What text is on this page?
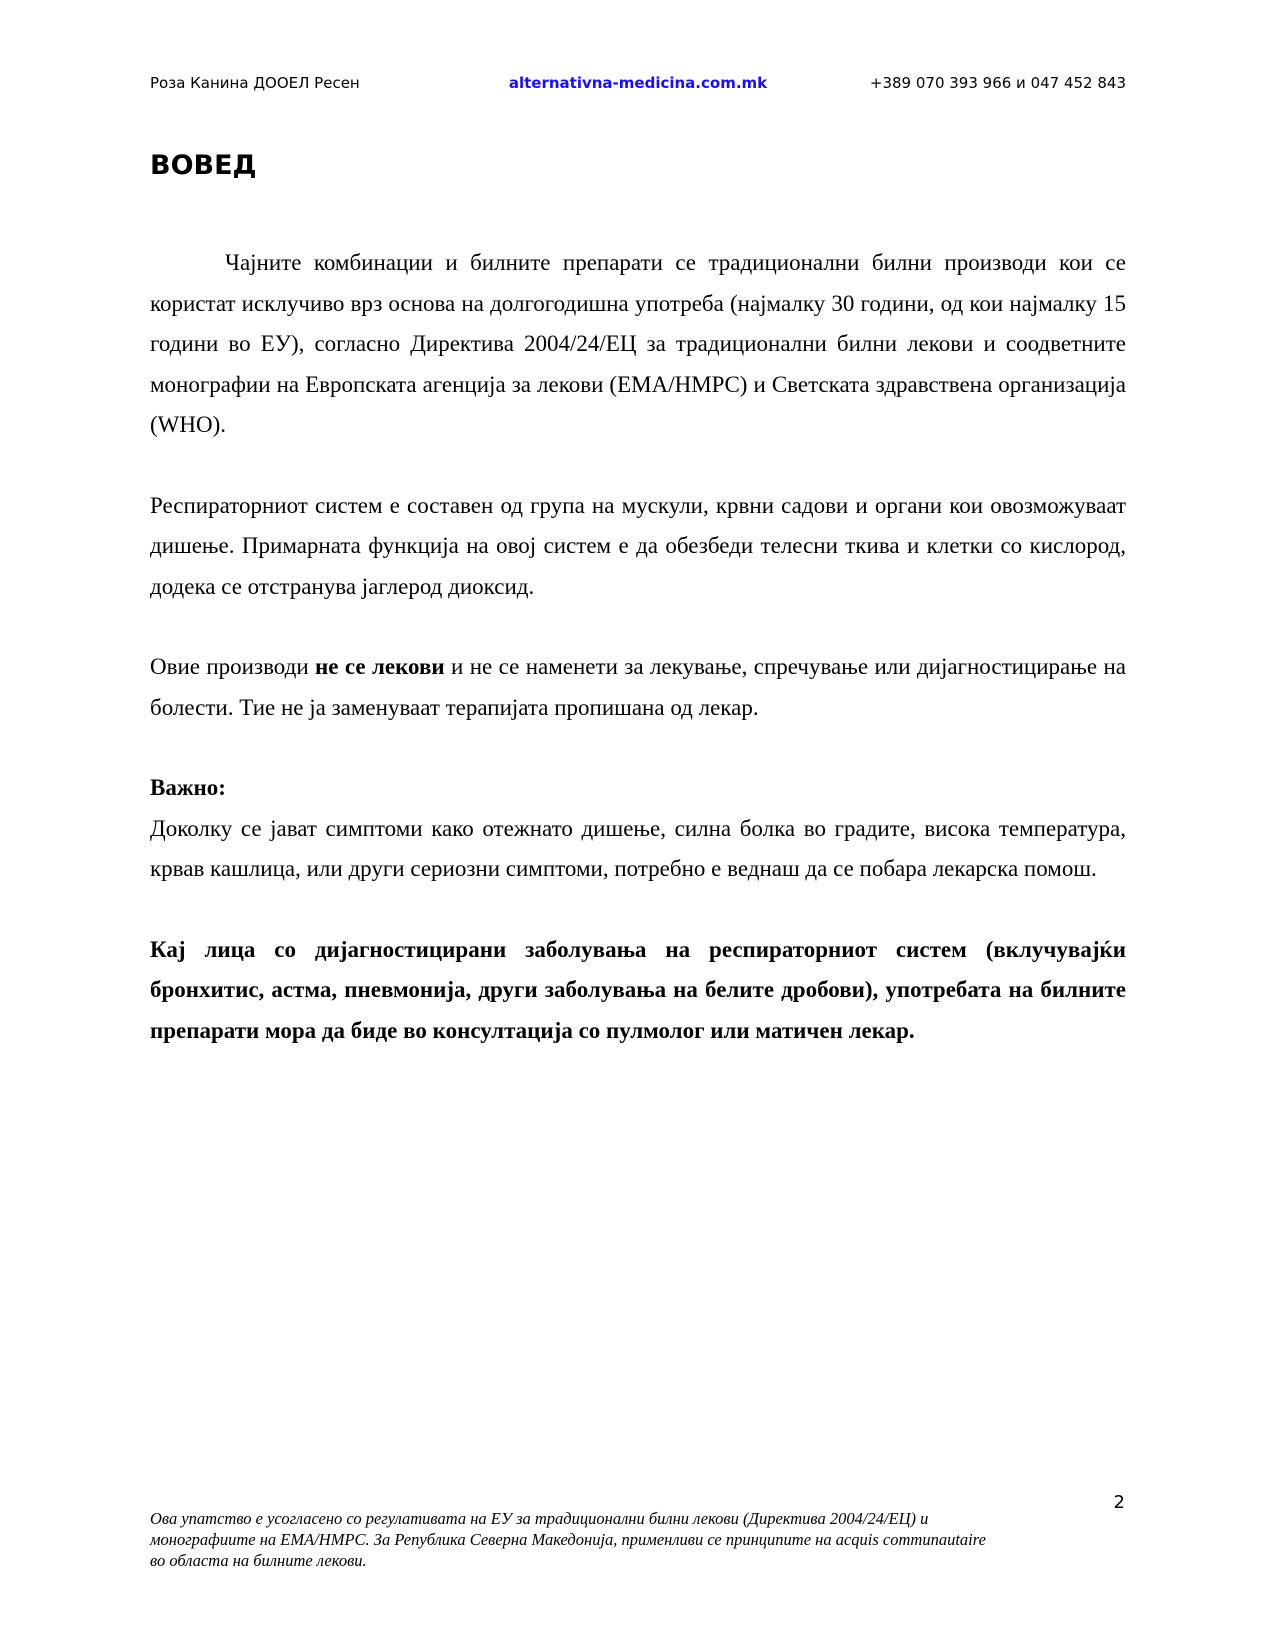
Роза Канина ДООЕЛ Ресен	alternativna-medicina.com.mk	+389 070 393 966 и 047 452 843
ВОВЕД

Чајните комбинации и билните препарати се традиционални билни производи кои се користат исклучиво врз основа на долгогодишна употреба (најмалку 30 години, од кои најмалку 15 години во ЕУ), согласно Директива 2004/24/ЕЦ за традиционални билни лекови и соодветните монографии на Европската агенција за лекови (EMA/HMPC) и Светската здравствена организација (WHO).

Респираторниот систем е составен од група на мускули, крвни садови и органи кои овозможуваат дишење. Примарната функција на овој систем е да обезбеди телесни ткива и клетки со кислород, додека се отстранува јаглерод диоксид.

Овие производи не се лекови и не се наменети за лекување, спречување или дијагностицирање на болести. Тие не ја заменуваат терапијата пропишана од лекар.

Важно:

Доколку се јават симптоми како отежнато дишење, силна болка во градите, висока температура, крвав кашлица, или други сериозни симптоми, потребно е веднаш да се побара лекарска помош.

Кај лица со дијагностицирани заболувања на респираторниот систем (вклучувајќи бронхитис, астма, пневмонија, други заболувања на белите дробови), употребата на билните препарати мора да биде во консултација со пулмолог или матичен лекар.

2

Ова упатство е усогласено со регулативата на ЕУ за традиционални билни лекови (Директива 2004/24/ЕЦ) и

монографиите на EMA/HMPC. За Република Северна Македонија, применливи се принципите на acquis communautaire

во областа на билните лекови.
